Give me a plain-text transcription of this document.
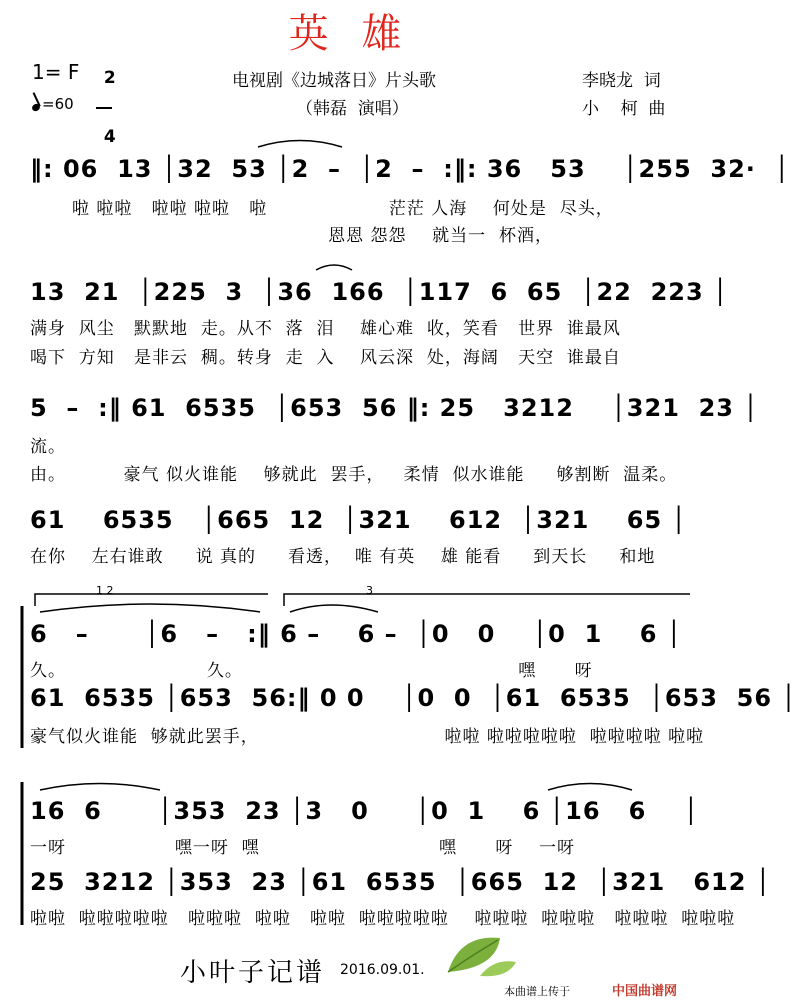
英 雄
1= F	2

4

=60
电视剧《边城落日》片头歌
（韩磊  演唱）
李晓龙  词
小    柯  曲
‖: 06  13 │32  53 │2  –  │2  –  :‖: 36   53    │255  32·  │
啦 啦啦   啦啦 啦啦   啦                   茫茫 人海    何处是  尽头，
恩恩 怨怨    就当一  杯酒，
13  21  │225  3  │36  166  │117  6  65  │22  223 │
满身  风尘   默默地  走。从不  落  泪    雄心难  收，笑看   世界  谁最风
喝下  方知   是非云  稠。转身  走  入    风云深  处，海阔   天空  谁最自
5  –  :‖ 61  6535  │653  56 ‖: 25   3212    │321  23 │
流。
由。         豪气 似火谁能    够就此  罢手，   柔情  似水谁能     够割断  温柔。
61    6535   │665  12  │321    612  │321    65 │
在你    左右谁敢     说 真的     看透，  唯 有英    雄 能看     到天长     和地
1 2	3
6   –      │6   –   :‖ 6 –    6 –  │0   0    │0  1    6 │
久。                      久。                                           嘿      呀
61  6535 │653  56:‖ 0 0    │0  0  │61  6535  │653  56 │
豪气似火谁能  够就此罢手，                             啦啦 啦啦啦啦啦  啦啦啦啦 啦啦
16  6      │353  23 │3   0     │0  1    6 │16   6    │
一呀                 嘿一呀  嘿                            嘿      呀    一呀
25  3212 │353  23 │61  6535  │665  12  │321   612 │
啦啦  啦啦啦啦啦   啦啦啦  啦啦   啦啦  啦啦啦啦啦    啦啦啦  啦啦啦   啦啦啦  啦啦啦
小叶子记谱 2016.09.01.
本曲谱上传于	中国曲谱网
